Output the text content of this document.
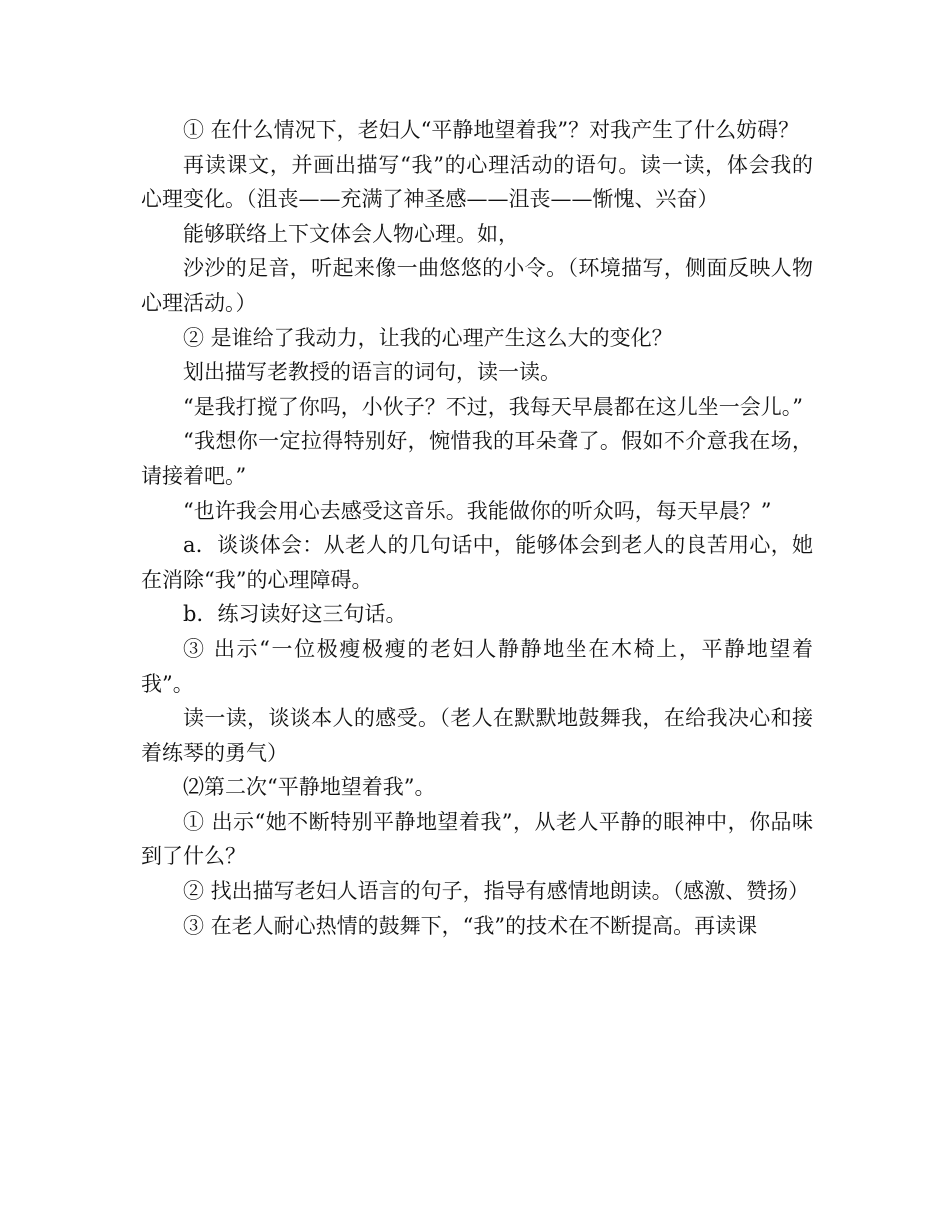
① 在什么情况下，老妇人“平静地望着我”？对我产生了什么妨碍？

再读课文，并画出描写“我”的心理活动的语句。读一读，体会我的心理变化。（沮丧——充满了神圣感——沮丧——惭愧、兴奋）

能够联络上下文体会人物心理。如，

沙沙的足音，听起来像一曲悠悠的小令。（环境描写，侧面反映人物心理活动。）

② 是谁给了我动力，让我的心理产生这么大的变化？

划出描写老教授的语言的词句，读一读。

“是我打搅了你吗，小伙子？不过，我每天早晨都在这儿坐一会儿。”

“我想你一定拉得特别好，惋惜我的耳朵聋了。假如不介意我在场，请接着吧。”

“也许我会用心去感受这音乐。我能做你的听众吗，每天早晨？”

a．谈谈体会：从老人的几句话中，能够体会到老人的良苦用心，她在消除“我”的心理障碍。

b．练习读好这三句话。

③ 出示“一位极瘦极瘦的老妇人静静地坐在木椅上，平静地望着我”。

读一读，谈谈本人的感受。（老人在默默地鼓舞我，在给我决心和接着练琴的勇气）

⑵第二次“平静地望着我”。

① 出示“她不断特别平静地望着我”，从老人平静的眼神中，你品味到了什么？

② 找出描写老妇人语言的句子，指导有感情地朗读。（感激、赞扬）

③ 在老人耐心热情的鼓舞下，“我”的技术在不断提高。再读课
